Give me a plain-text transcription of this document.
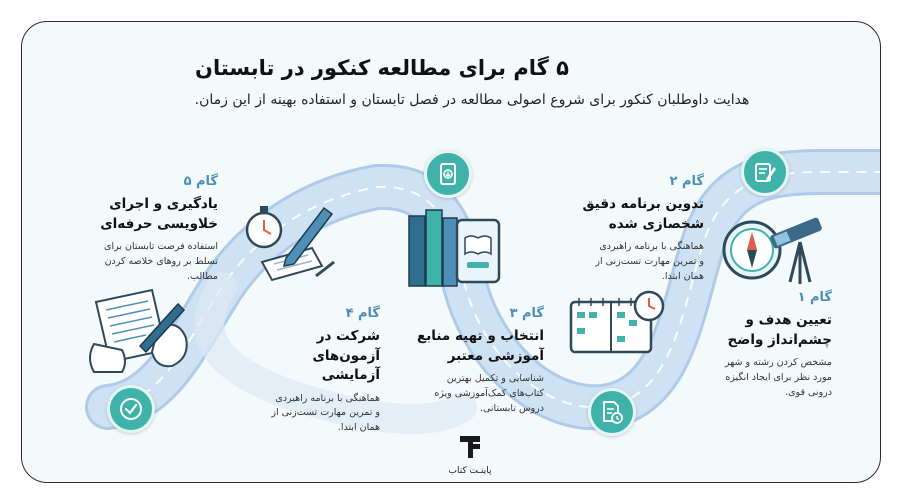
۵ گام برای مطالعه کنکور در تابستان
هدایت داوطلبان کنکور برای شروع اصولی مطالعه در فصل تابستان و استفاده بهینه از این زمان.
گام ۱
تعیین هدف و
چشم‌انداز واضح
مشخص کردن رشته و شهر
مورد نظر برای ایجاد انگیزه
درونی قوی.
گام ۲
تدوین برنامه دقیق
شخصازی شده
هماهنگی با برنامه راهبردی
و تمرین مهارت تست‌زنی از
همان ابتدا.
گام ۳
انتخاب و تهیه منابع
آموزشی معتبر
شناسایی و تکمیل بهترین
کتاب‌های کمک‌آموزشی ویژه
دروس تابستانی.
گام ۴
شرکت در آزمون‌های
آزمایشی
هماهنگی با برنامه راهبردی
و تمرین مهارت تست‌زنی از
همان ابتدا.
گام ۵
یادگیری و اجرای
خلاویسی حرفه‌ای
استفاده فرصت تابستان برای
تسلط بر روهای خلاصه کردن
مطالب.
پاینـت کتاب
